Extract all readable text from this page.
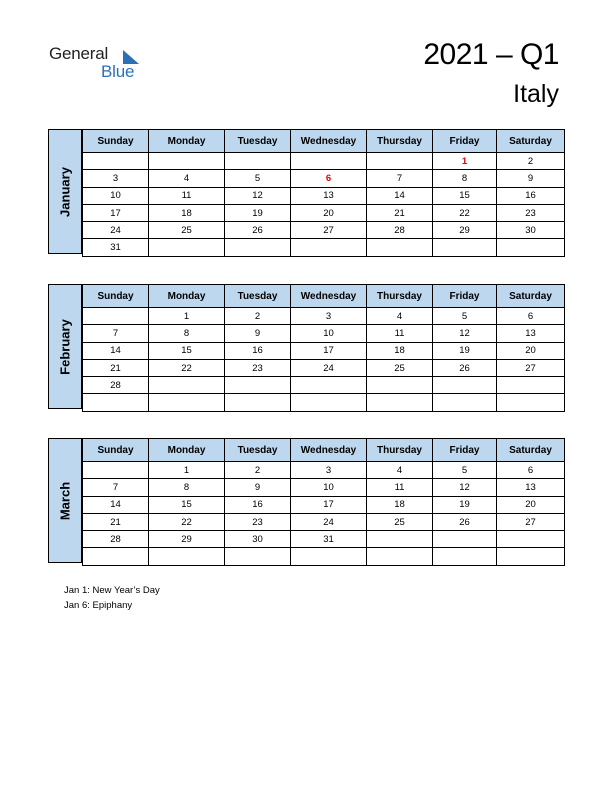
General
Blue
2021 – Q1
Italy
January
Sunday	Monday	Tuesday	Wednesday	Thursday	Friday	Saturday
					1	2
3	4	5	6	7	8	9
10	11	12	13	14	15	16
17	18	19	20	21	22	23
24	25	26	27	28	29	30
31						
February
Sunday	Monday	Tuesday	Wednesday	Thursday	Friday	Saturday
	1	2	3	4	5	6
7	8	9	10	11	12	13
14	15	16	17	18	19	20
21	22	23	24	25	26	27
28						

March
Sunday	Monday	Tuesday	Wednesday	Thursday	Friday	Saturday
	1	2	3	4	5	6
7	8	9	10	11	12	13
14	15	16	17	18	19	20
21	22	23	24	25	26	27
28	29	30	31			

Jan 1: New Year’s Day
Jan 6: Epiphany
